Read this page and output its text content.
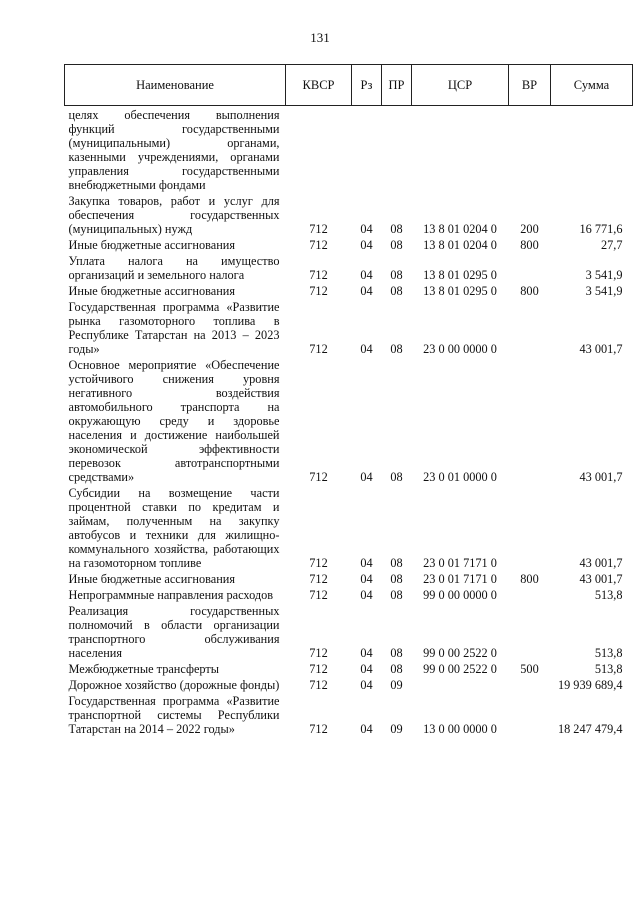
131
Наименование	КВСР	Рз	ПР	ЦСР	ВР	Сумма
целях обеспечения выполнения функций государственными (муниципальными) органами, казенными учреждениями, органами управления государственными внебюджетными фондами						
Закупка товаров, работ и услуг для обеспечения государственных (муниципальных) нужд	712	04	08	13 8 01 0204 0	200	16 771,6
Иные бюджетные ассигнования	712	04	08	13 8 01 0204 0	800	27,7
Уплата налога на имущество организаций и земельного налога	712	04	08	13 8 01 0295 0		3 541,9
Иные бюджетные ассигнования	712	04	08	13 8 01 0295 0	800	3 541,9
Государственная программа «Развитие рынка газомоторного топлива в Республике Татарстан на 2013 – 2023 годы»	712	04	08	23 0 00 0000 0		43 001,7
Основное мероприятие «Обеспечение устойчивого снижения уровня негативного воздействия автомобильного транспорта на окружающую среду и здоровье населения и достижение наибольшей экономической эффективности перевозок автотранспортными средствами»	712	04	08	23 0 01 0000 0		43 001,7
Субсидии на возмещение части процентной ставки по кредитам и займам, полученным на закупку автобусов и техники для жилищно-коммунального хозяйства, работающих на газомоторном топливе	712	04	08	23 0 01 7171 0		43 001,7
Иные бюджетные ассигнования	712	04	08	23 0 01 7171 0	800	43 001,7
Непрограммные направления расходов	712	04	08	99 0 00 0000 0		513,8
Реализация государственных полномочий в области организации транспортного обслуживания населения	712	04	08	99 0 00 2522 0		513,8
Межбюджетные трансферты	712	04	08	99 0 00 2522 0	500	513,8
Дорожное хозяйство (дорожные фонды)	712	04	09			19 939 689,4
Государственная программа «Развитие транспортной системы Республики Татарстан на 2014 – 2022 годы»	712	04	09	13 0 00 0000 0		18 247 479,4
